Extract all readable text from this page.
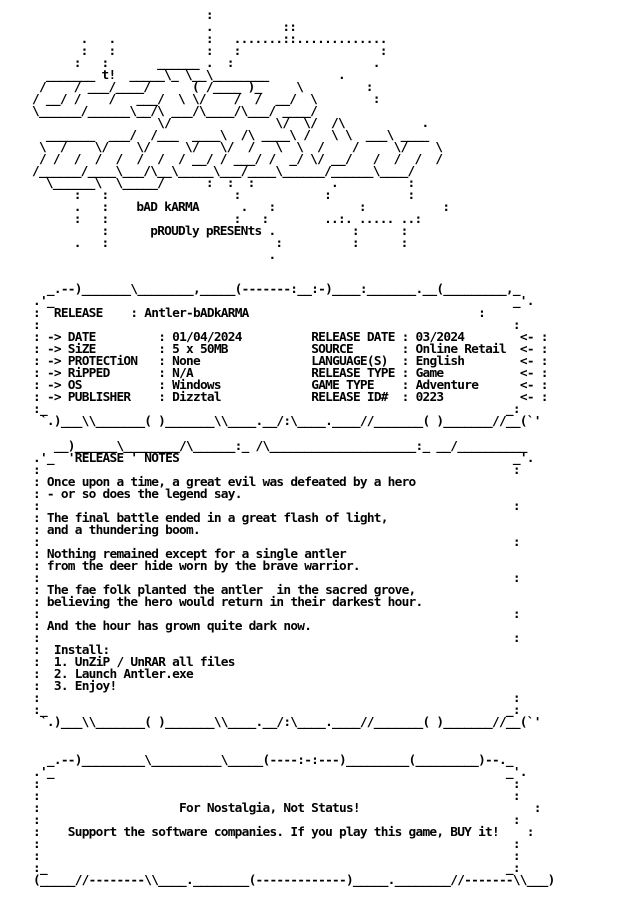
:
.          ::
.   .             :   .......::.............
:   :             :   :                    :
:   :       ______ .  :                    .
_______ t!  _____\_ \__\________          .
/    / ___/____/      ( /____ )_     \         :
/ __/ /    /   ___/  \ \/    /  /  __/  \        :
\______/______\__/\ ___/\____/\___/ ____/
\/               \/  \/  /\           .
_______  ___/  /___  ____\  /\ ____\ /   \ \  ___\ ____
\  /    \/    \/     \/   \/  /   \  \  /    /     \/    \
/ /  /  /  /  /  /  / __/ / ___/ /  _/ \/ __/   /  /  /  /
/______/____\___/\__\_____\___/____\______/______\____/
\______\  \_____/      :  :  :           .          :
:   :                  :            :           :
.   :    bAD kARMA	.   :            :           :
:   :                  :   :        ..:. ..... ..:
:	pROUDly pRESENts .           :      :
.   :                        :          :      :
.
_.--)_______\________,_____(-------:__:-)____:_______.__(_________,_
.'_                                                                  _'.
:  RELEASE    : Antler-bADkARMA	:
:                                                                    :
: -> DATE         : 01/04/2024	RELEASE DATE : 03/2024	<- :
: -> SiZE         : 5 x 50MB	SOURCE       : Online Retail <- :
: -> PROTECTiON   : None	LANGUAGE(S)  : English	<- :
: -> RiPPED       : N/A	RELEASE TYPE : Game	<- :
: -> OS           : Windows	GAME TYPE    : Adventure	<- :
: -> PUBLISHER    : Dizztal	RELEASE ID#  : 0223	<- :
:_                                                                  _:
`.)___\\_______( )_______\\____.__/:\____.____//_______( )_______//__(`'

__)______\________/\______:_ /\_____________________:_ __/__________
.'_  'RELEASE ' NOTES                                                _'.
:                                                                    :
: Once upon a time, a great evil was defeated by a hero
: - or so does the legend say.
:                                                                    :
: The final battle ended in a great flash of light,
: and a thundering boom.
:                                                                    :
: Nothing remained except for a single antler
: from the deer hide worn by the brave warrior.
:                                                                    :
: The fae folk planted the antler  in the sacred grove,
: believing the hero would return in their darkest hour.
:                                                                    :
: And the hour has grown quite dark now.
:                                                                    :
:  Install:
:  1. UnZiP / UnRAR all files
:  2. Launch Antler.exe
:  3. Enjoy!
:                                                                    :
:_                                                                  _:
`.)___\\_______( )_______\\____.__/:\____.____//_______( )_______//__(`'

_.--)_________\__________\_____(----:-:---)_________(_________)--._
.'_                                                                 _'.
:                                                                    :
:                                                                    :
:	For Nostalgia, Not Status!	:
:                                                                    :
:    Support the software companies. If you play this game, BUY it!    :
:                                                                    :
:                                                                    :
:_                                                                  _:
(_____//--------\\____.________(-------------)_____.________//-------\\___)
